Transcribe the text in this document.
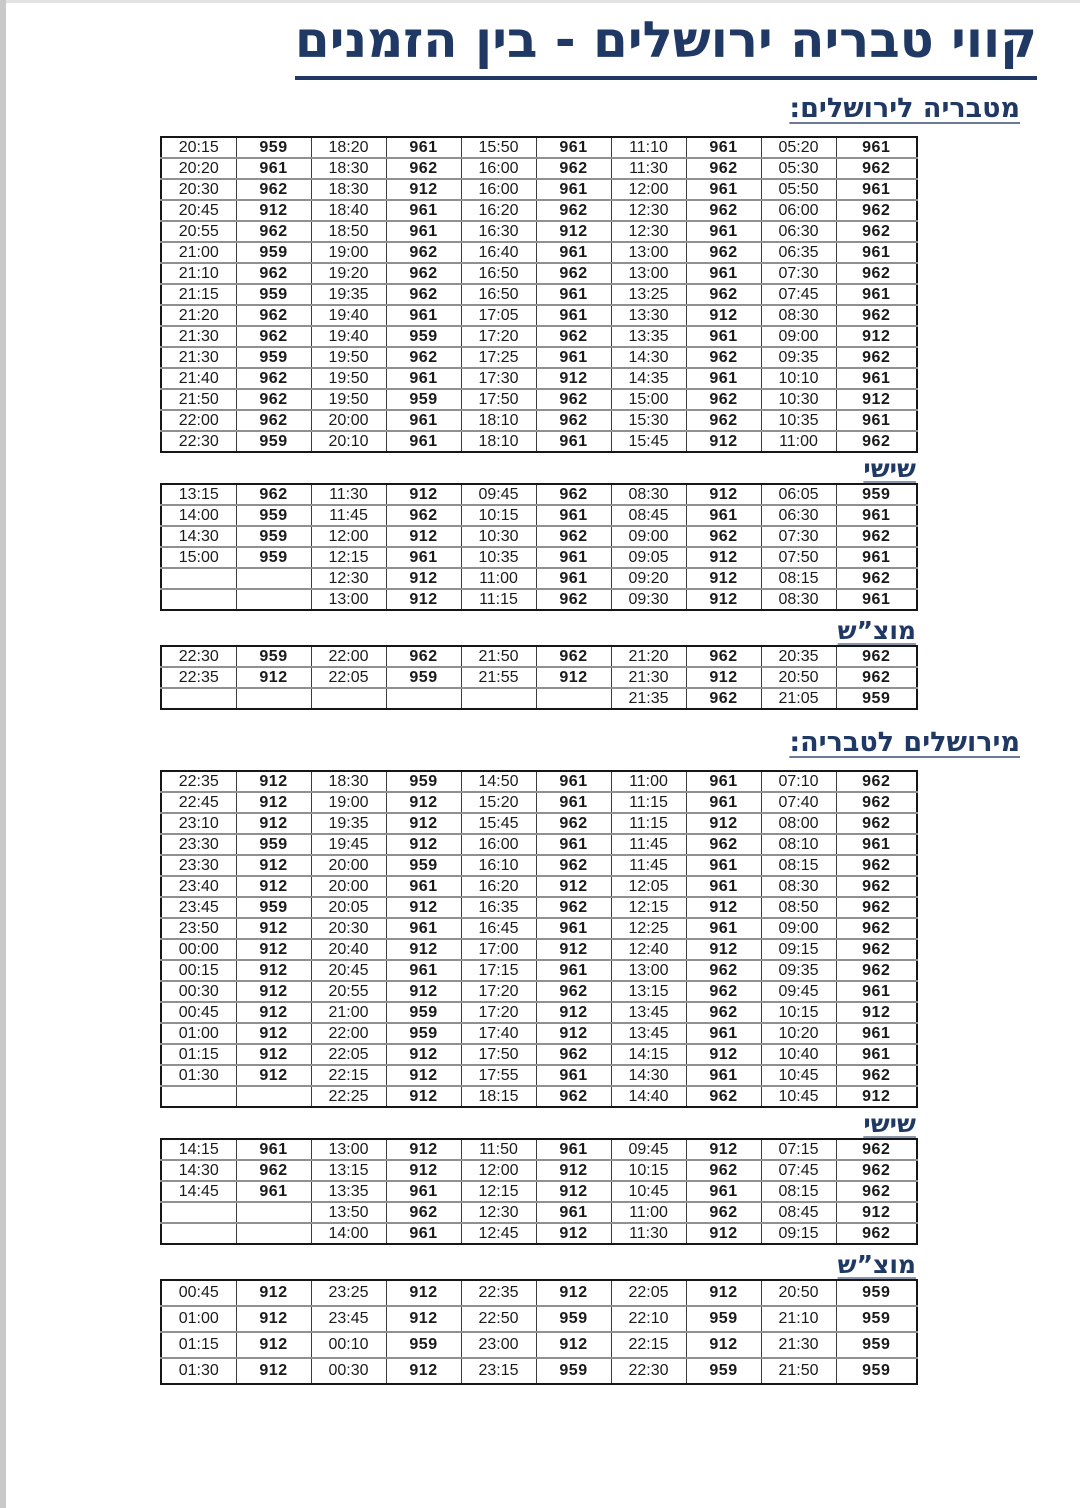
קווי טבריה ירושלים - בין הזמנים
מטבריה לירושלים:
20:15	959	18:20	961	15:50	961	11:10	961	05:20	961
20:20	961	18:30	962	16:00	962	11:30	962	05:30	962
20:30	962	18:30	912	16:00	961	12:00	961	05:50	961
20:45	912	18:40	961	16:20	962	12:30	962	06:00	962
20:55	962	18:50	961	16:30	912	12:30	961	06:30	962
21:00	959	19:00	962	16:40	961	13:00	962	06:35	961
21:10	962	19:20	962	16:50	962	13:00	961	07:30	962
21:15	959	19:35	962	16:50	961	13:25	962	07:45	961
21:20	962	19:40	961	17:05	961	13:30	912	08:30	962
21:30	962	19:40	959	17:20	962	13:35	961	09:00	912
21:30	959	19:50	962	17:25	961	14:30	962	09:35	962
21:40	962	19:50	961	17:30	912	14:35	961	10:10	961
21:50	962	19:50	959	17:50	962	15:00	962	10:30	912
22:00	962	20:00	961	18:10	962	15:30	962	10:35	961
22:30	959	20:10	961	18:10	961	15:45	912	11:00	962
שישי
13:15	962	11:30	912	09:45	962	08:30	912	06:05	959
14:00	959	11:45	962	10:15	961	08:45	961	06:30	961
14:30	959	12:00	912	10:30	962	09:00	962	07:30	962
15:00	959	12:15	961	10:35	961	09:05	912	07:50	961
		12:30	912	11:00	961	09:20	912	08:15	962
		13:00	912	11:15	962	09:30	912	08:30	961
מוצ”ש
22:30	959	22:00	962	21:50	962	21:20	962	20:35	962
22:35	912	22:05	959	21:55	912	21:30	912	20:50	962
						21:35	962	21:05	959
מירושלים לטבריה:
22:35	912	18:30	959	14:50	961	11:00	961	07:10	962
22:45	912	19:00	912	15:20	961	11:15	961	07:40	962
23:10	912	19:35	912	15:45	962	11:15	912	08:00	962
23:30	959	19:45	912	16:00	961	11:45	962	08:10	961
23:30	912	20:00	959	16:10	962	11:45	961	08:15	962
23:40	912	20:00	961	16:20	912	12:05	961	08:30	962
23:45	959	20:05	912	16:35	962	12:15	912	08:50	962
23:50	912	20:30	961	16:45	961	12:25	961	09:00	962
00:00	912	20:40	912	17:00	912	12:40	912	09:15	962
00:15	912	20:45	961	17:15	961	13:00	962	09:35	962
00:30	912	20:55	912	17:20	962	13:15	962	09:45	961
00:45	912	21:00	959	17:20	912	13:45	962	10:15	912
01:00	912	22:00	959	17:40	912	13:45	961	10:20	961
01:15	912	22:05	912	17:50	962	14:15	912	10:40	961
01:30	912	22:15	912	17:55	961	14:30	961	10:45	962
		22:25	912	18:15	962	14:40	962	10:45	912
שישי
14:15	961	13:00	912	11:50	961	09:45	912	07:15	962
14:30	962	13:15	912	12:00	912	10:15	962	07:45	962
14:45	961	13:35	961	12:15	912	10:45	961	08:15	962
		13:50	962	12:30	961	11:00	962	08:45	912
		14:00	961	12:45	912	11:30	912	09:15	962
מוצ”ש
00:45	912	23:25	912	22:35	912	22:05	912	20:50	959
01:00	912	23:45	912	22:50	959	22:10	959	21:10	959
01:15	912	00:10	959	23:00	912	22:15	912	21:30	959
01:30	912	00:30	912	23:15	959	22:30	959	21:50	959
